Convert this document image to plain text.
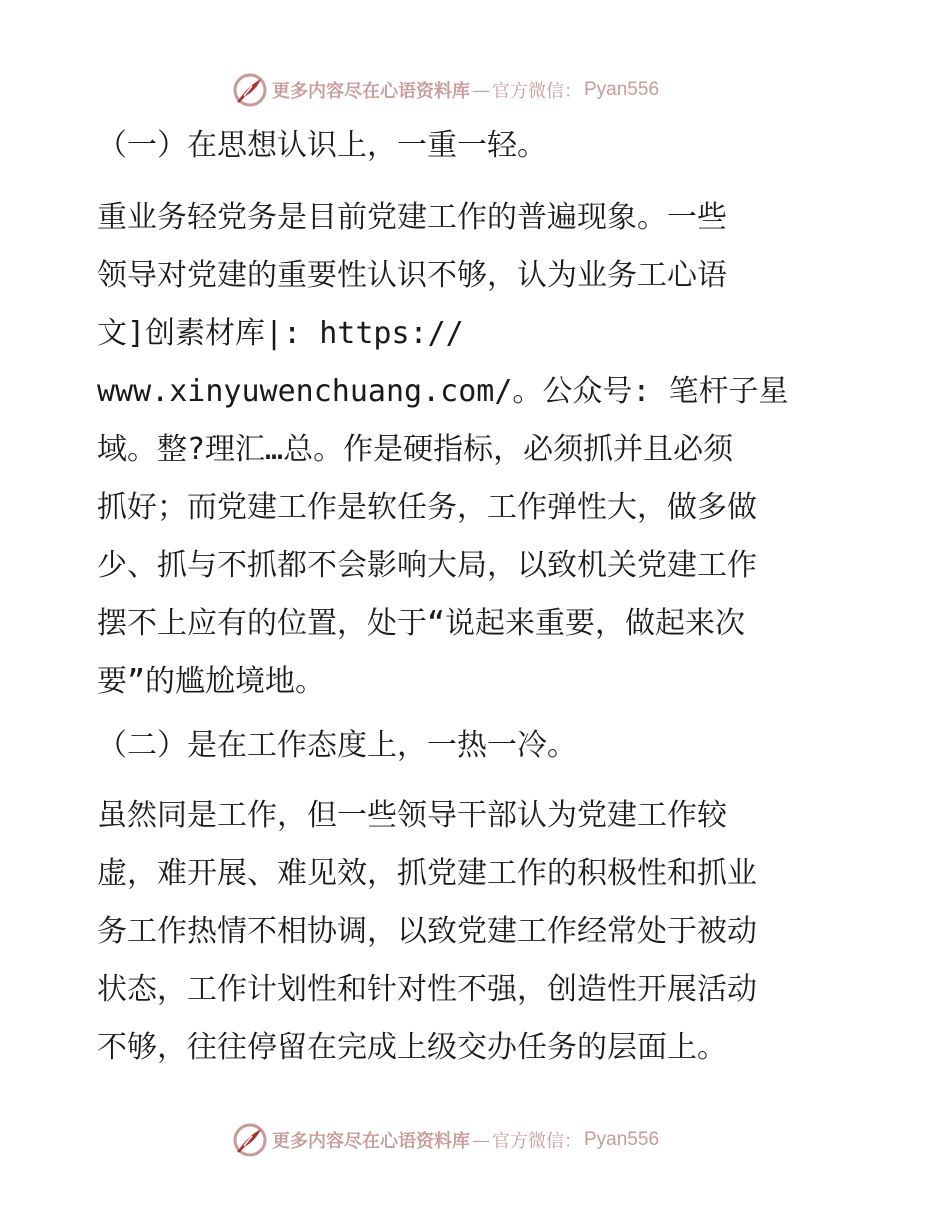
更多内容尽在心语资料库 — 官方微信： Pyan556

（一）在思想认识上，一重一轻。

重业务轻党务是目前党建工作的普遍现象。一些
领导对党建的重要性认识不够，认为业务工心语
文]创素材库|: https://
www.xinyuwenchuang.com/。公众号: 笔杆子星
域。整?理汇…总。作是硬指标，必须抓并且必须
抓好；而党建工作是软任务，工作弹性大，做多做
少、抓与不抓都不会影响大局，以致机关党建工作
摆不上应有的位置，处于“说起来重要，做起来次
要”的尴尬境地。

（二）是在工作态度上，一热一冷。

虽然同是工作，但一些领导干部认为党建工作较
虚，难开展、难见效，抓党建工作的积极性和抓业
务工作热情不相协调，以致党建工作经常处于被动
状态，工作计划性和针对性不强，创造性开展活动
不够，往往停留在完成上级交办任务的层面上。

更多内容尽在心语资料库 — 官方微信： Pyan556
